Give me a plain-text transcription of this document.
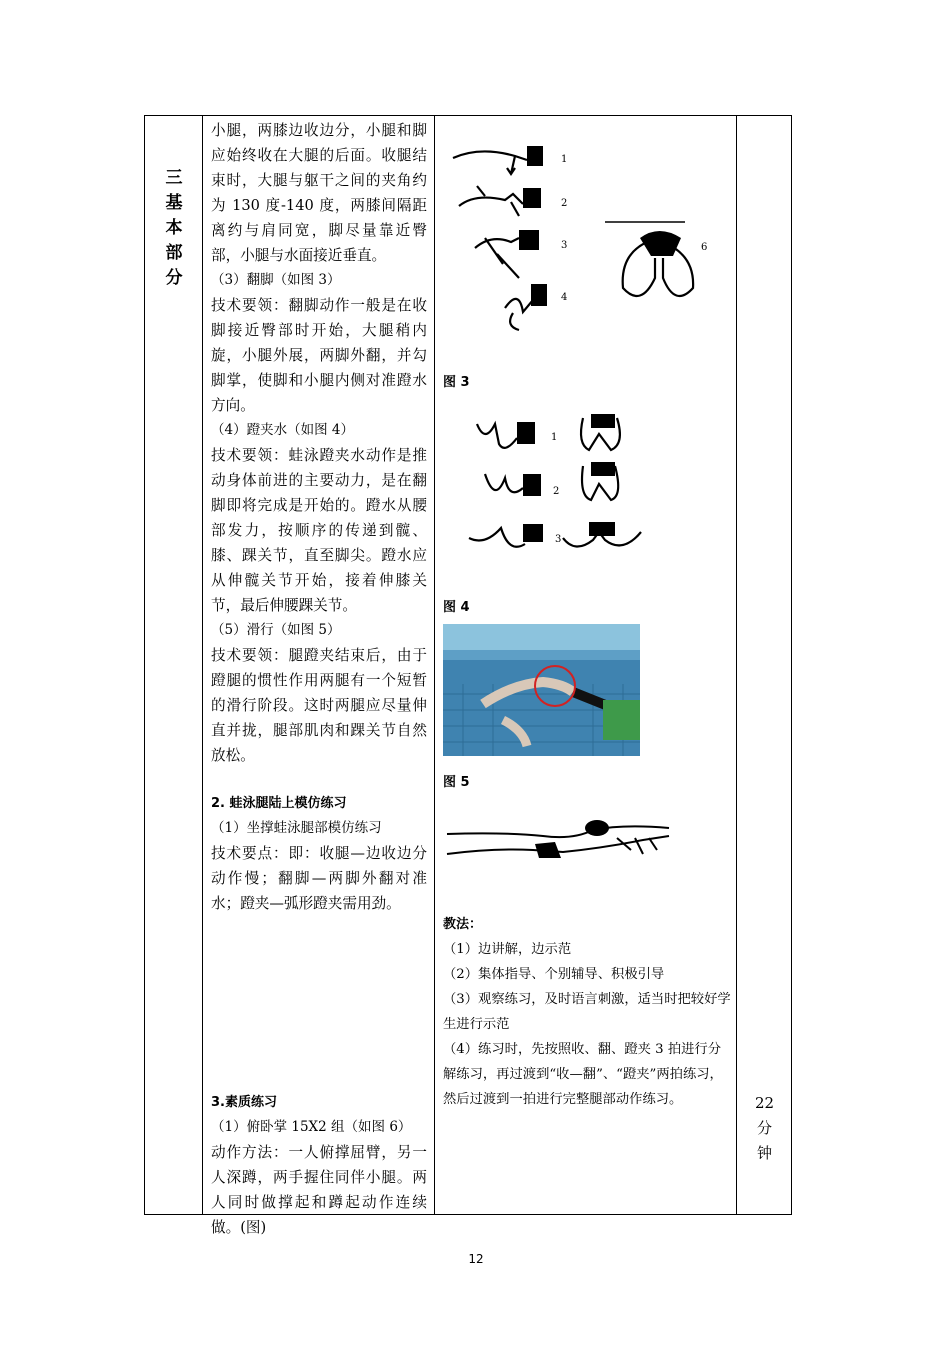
三
基
本
部
分

小腿，两膝边收边分，小腿和脚应始终收在大腿的后面。收腿结束时，大腿与躯干之间的夹角约为 130 度-140 度，两膝间隔距离约与肩同宽，脚尽量靠近臀部，小腿与水面接近垂直。

（3）翻脚（如图 3）

技术要领：翻脚动作一般是在收脚接近臀部时开始，大腿稍内旋，小腿外展，两脚外翻，并勾脚掌，使脚和小腿内侧对准蹬水方向。

（4）蹬夹水（如图 4）

技术要领：蛙泳蹬夹水动作是推动身体前进的主要动力，是在翻脚即将完成是开始的。蹬水从腰部发力，按顺序的传递到髋、膝、踝关节，直至脚尖。蹬水应从伸髋关节开始，接着伸膝关节，最后伸腰踝关节。

（5）滑行（如图 5）

技术要领：腿蹬夹结束后，由于蹬腿的惯性作用两腿有一个短暂的滑行阶段。这时两腿应尽量伸直并拢，腿部肌肉和踝关节自然放松。

2. 蛙泳腿陆上模仿练习

（1）坐撑蛙泳腿部模仿练习

技术要点：即：收腿—边收边分动作慢；翻脚—两脚外翻对准水；蹬夹—弧形蹬夹需用劲。

3.素质练习

（1）俯卧掌 15X2 组（如图 6）

动作方法：一人俯撑屈臂，另一人深蹲，两手握住同伴小腿。两人同时做撑起和蹲起动作连续做。(图)

1
2
3
4
6
图 3
1
2
3
图 4
图 5

教法：

（1）边讲解，边示范

（2）集体指导、个别辅导、积极引导

（3）观察练习，及时语言刺激，适当时把较好学生进行示范

（4）练习时，先按照收、翻、蹬夹 3 拍进行分解练习，再过渡到“收—翻”、“蹬夹”两拍练习，然后过渡到一拍进行完整腿部动作练习。	22
分
钟
12
